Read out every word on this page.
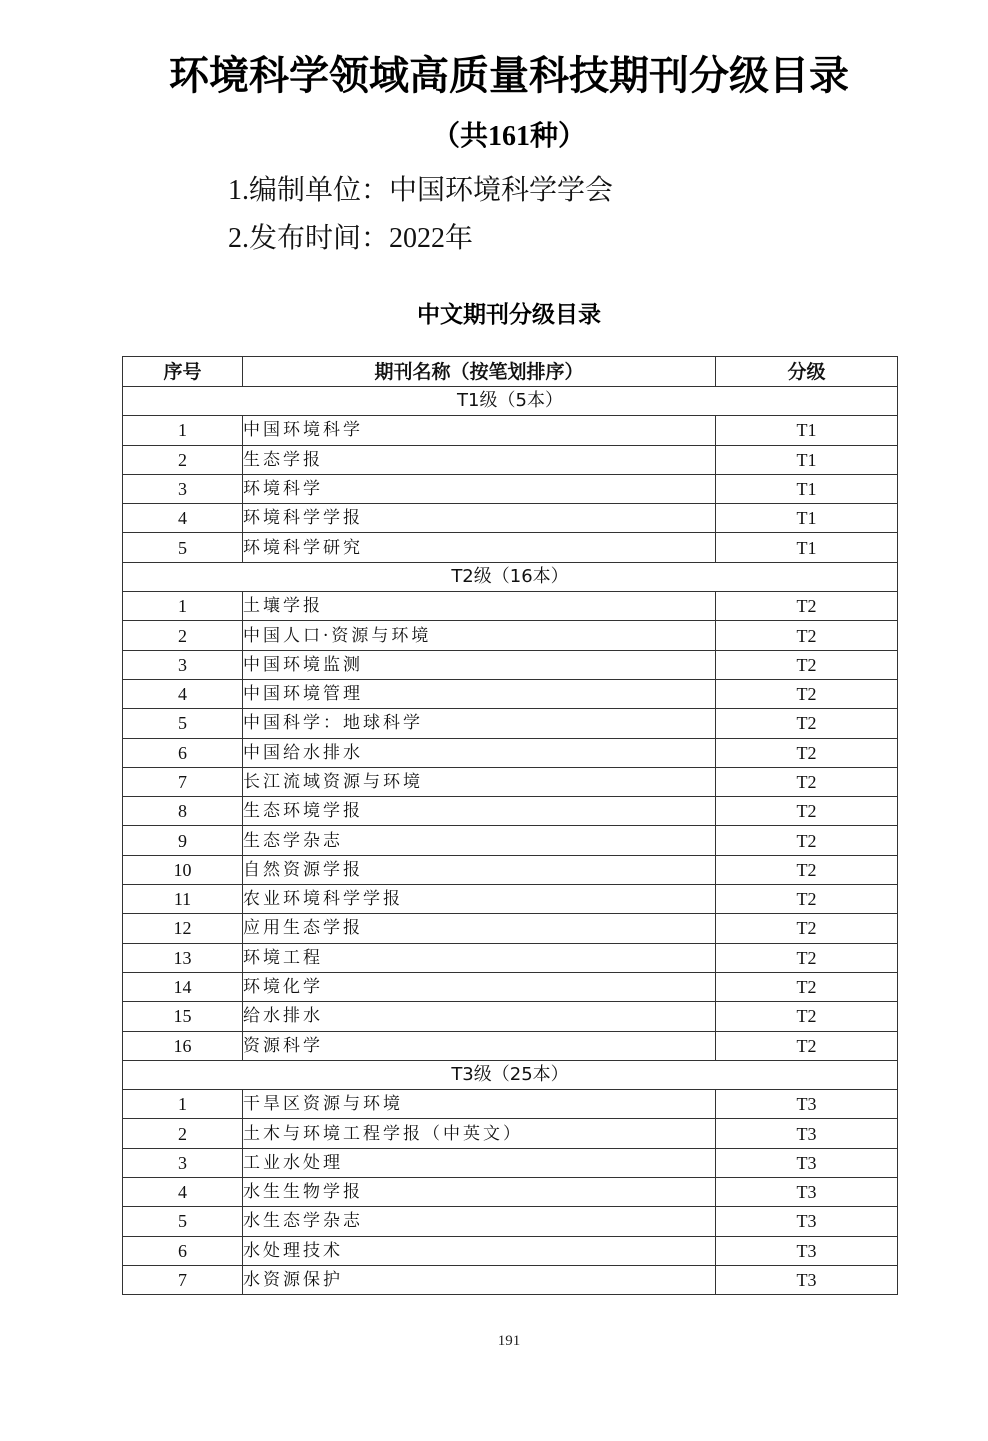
环境科学领域高质量科技期刊分级目录
（共161种）
1.编制单位：中国环境科学学会
2.发布时间：2022年
中文期刊分级目录
序号	期刊名称（按笔划排序）	分级
T1级（5本）		
1	中国环境科学	T1
2	生态学报	T1
3	环境科学	T1
4	环境科学学报	T1
5	环境科学研究	T1
T2级（16本）		
1	土壤学报	T2
2	中国人口·资源与环境	T2
3	中国环境监测	T2
4	中国环境管理	T2
5	中国科学：地球科学	T2
6	中国给水排水	T2
7	长江流域资源与环境	T2
8	生态环境学报	T2
9	生态学杂志	T2
10	自然资源学报	T2
11	农业环境科学学报	T2
12	应用生态学报	T2
13	环境工程	T2
14	环境化学	T2
15	给水排水	T2
16	资源科学	T2
T3级（25本）		
1	干旱区资源与环境	T3
2	土木与环境工程学报（中英文）	T3
3	工业水处理	T3
4	水生生物学报	T3
5	水生态学杂志	T3
6	水处理技术	T3
7	水资源保护	T3
191
